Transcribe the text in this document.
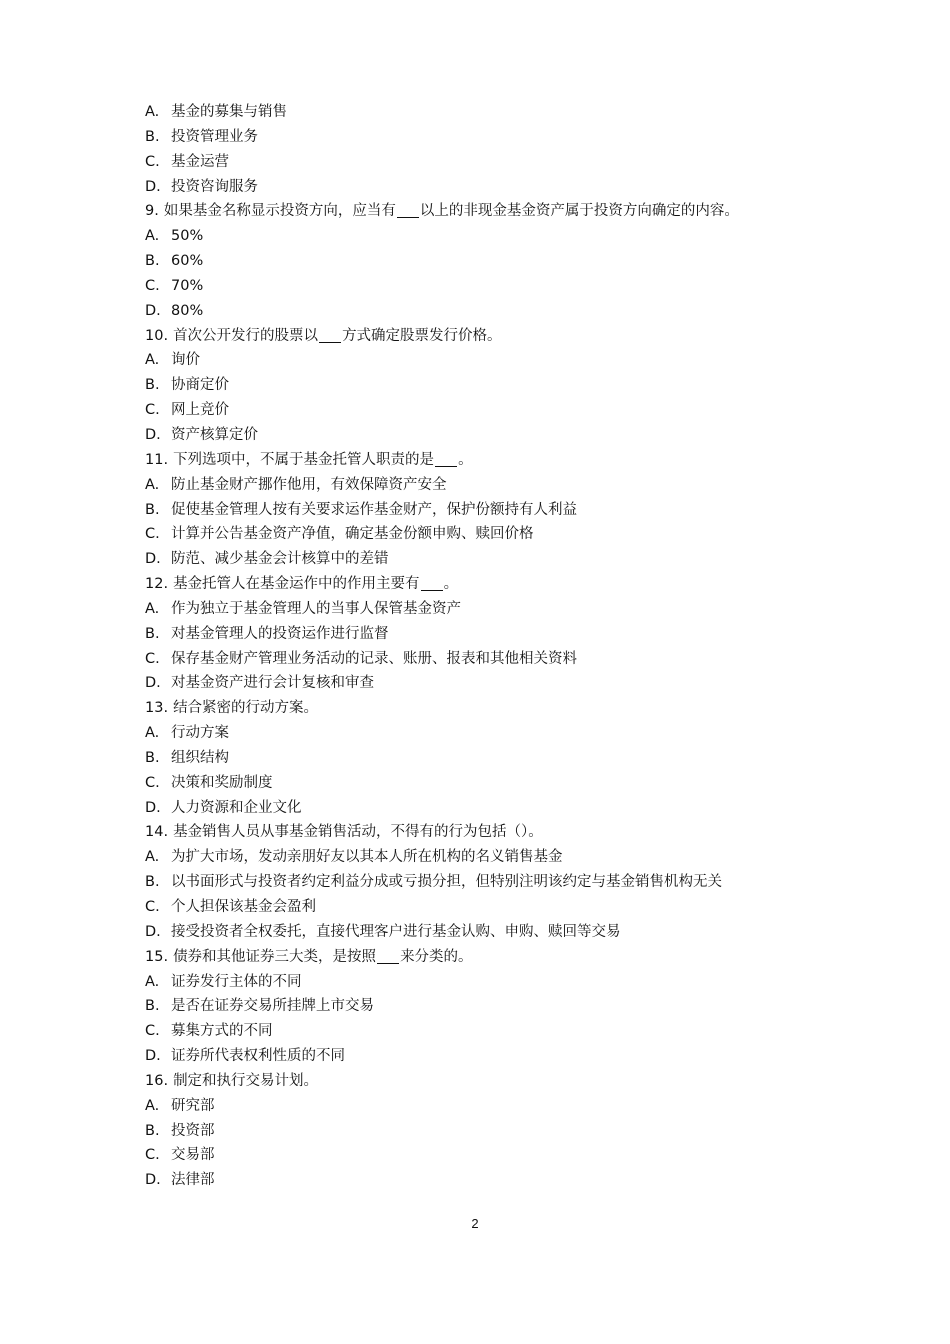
A. 基金的募集与销售
B. 投资管理业务
C. 基金运营
D. 投资咨询服务
9. 如果基金名称显示投资方向，应当有 以上的非现金基金资产属于投资方向确定的内容。
A. 50%
B. 60%
C. 70%
D. 80%
10. 首次公开发行的股票以 方式确定股票发行价格。
A. 询价
B. 协商定价
C. 网上竞价
D. 资产核算定价
11. 下列选项中，不属于基金托管人职责的是 。
A. 防止基金财产挪作他用，有效保障资产安全
B. 促使基金管理人按有关要求运作基金财产，保护份额持有人利益
C. 计算并公告基金资产净值，确定基金份额申购、赎回价格
D. 防范、减少基金会计核算中的差错
12. 基金托管人在基金运作中的作用主要有 。
A. 作为独立于基金管理人的当事人保管基金资产
B. 对基金管理人的投资运作进行监督
C. 保存基金财产管理业务活动的记录、账册、报表和其他相关资料
D. 对基金资产进行会计复核和审查
13. 结合紧密的行动方案。
A. 行动方案
B. 组织结构
C. 决策和奖励制度
D. 人力资源和企业文化
14. 基金销售人员从事基金销售活动，不得有的行为包括（）。
A. 为扩大市场，发动亲朋好友以其本人所在机构的名义销售基金
B. 以书面形式与投资者约定利益分成或亏损分担，但特别注明该约定与基金销售机构无关
C. 个人担保该基金会盈利
D. 接受投资者全权委托，直接代理客户进行基金认购、申购、赎回等交易
15. 债券和其他证券三大类，是按照 来分类的。
A. 证券发行主体的不同
B. 是否在证券交易所挂牌上市交易
C. 募集方式的不同
D. 证券所代表权利性质的不同
16. 制定和执行交易计划。
A. 研究部
B. 投资部
C. 交易部
D. 法律部
2
